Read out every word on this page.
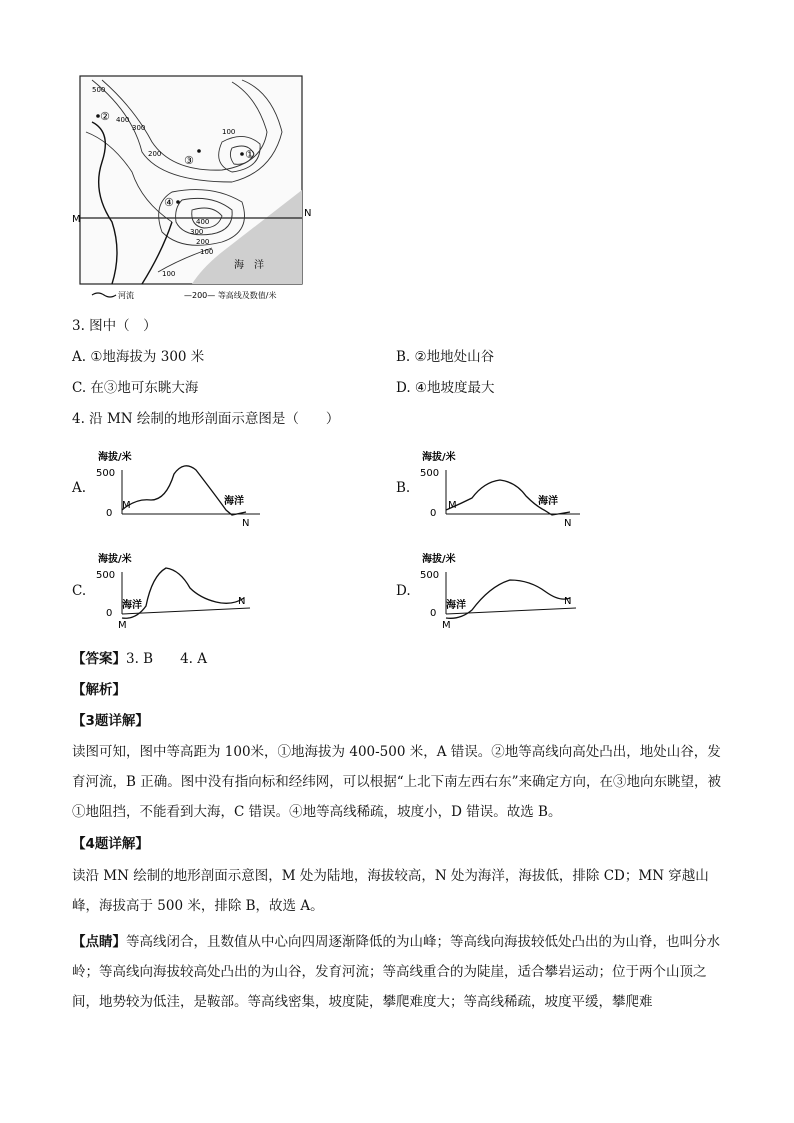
M
N
②
③	①
④
500
400
300
200
100
400
300
200
100
100
海　洋
河流	—200— 等高线及数值/米
3. 图中（　）
A. ①地海拔为 300 米	B. ②地地处山谷
C. 在③地可东眺大海	D. ④地坡度最大
4. 沿 MN 绘制的地形剖面示意图是（　　）
A.	B.
C.	D.
海拔/米
500
0
M	海洋
N
海拔/米
500
0
M	海洋
N
海拔/米
500
0
海洋
M
N
海拔/米
500
0
海洋
M
N
【答案】3. B　　4. A
【解析】
【3题详解】
读图可知，图中等高距为 100米，①地海拔为 400-500 米，A 错误。②地等高线向高处凸出，地处山谷，发育河流，B 正确。图中没有指向标和经纬网，可以根据“上北下南左西右东”来确定方向，在③地向东眺望，被①地阻挡，不能看到大海，C 错误。④地等高线稀疏，坡度小，D 错误。故选 B。
【4题详解】
读沿 MN 绘制的地形剖面示意图，M 处为陆地，海拔较高，N 处为海洋，海拔低，排除 CD；MN 穿越山峰，海拔高于 500 米，排除 B，故选 A。
【点睛】等高线闭合，且数值从中心向四周逐渐降低的为山峰；等高线向海拔较低处凸出的为山脊，也叫分水岭；等高线向海拔较高处凸出的为山谷，发育河流；等高线重合的为陡崖，适合攀岩运动；位于两个山顶之间，地势较为低洼，是鞍部。等高线密集，坡度陡，攀爬难度大；等高线稀疏，坡度平缓，攀爬难
